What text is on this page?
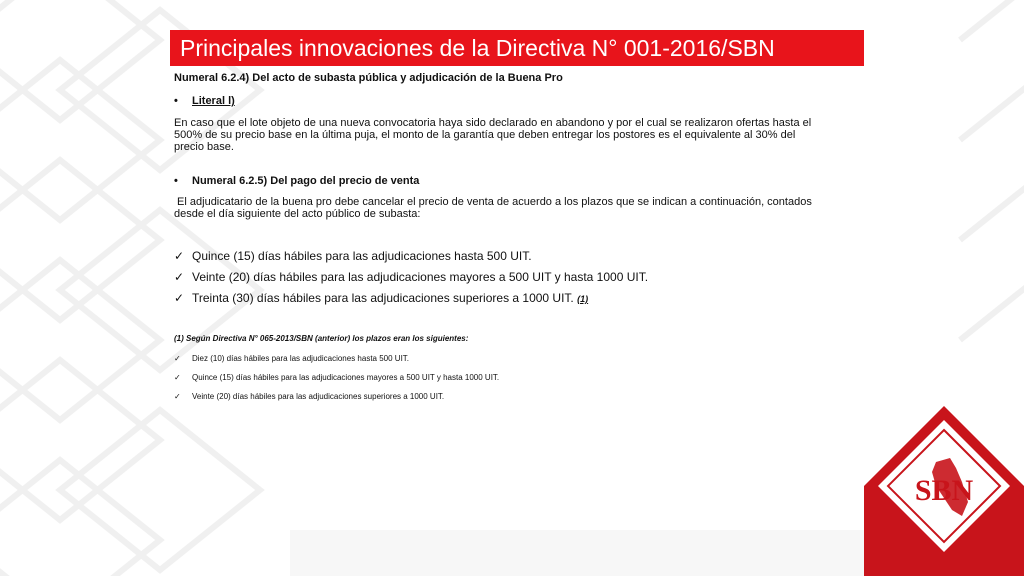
Principales innovaciones de la Directiva N° 001-2016/SBN
Numeral 6.2.4) Del acto de subasta pública y adjudicación de la Buena Pro
• Literal l)
En caso que el lote objeto de una nueva convocatoria haya sido declarado en abandono y por el cual se realizaron ofertas hasta el
500% de su precio base en la última puja, el monto de la garantía que deben entregar los postores es el equivalente al 30% del
precio base.
• Numeral 6.2.5) Del pago del precio de venta
El adjudicatario de la buena pro debe cancelar el precio de venta de acuerdo a los plazos que se indican a continuación, contados
desde el día siguiente del acto público de subasta:
✓ Quince (15) días hábiles para las adjudicaciones hasta 500 UIT.
✓ Veinte (20) días hábiles para las adjudicaciones mayores a 500 UIT y hasta 1000 UIT.
✓ Treinta (30) días hábiles para las adjudicaciones superiores a 1000 UIT. (1)
(1) Según Directiva N° 065-2013/SBN (anterior) los plazos eran los siguientes:
✓ Diez (10) días hábiles para las adjudicaciones hasta 500 UIT.
✓ Quince (15) días hábiles para las adjudicaciones mayores a 500 UIT y hasta 1000 UIT.
✓ Veinte (20) días hábiles para las adjudicaciones superiores a 1000 UIT.
SBN
